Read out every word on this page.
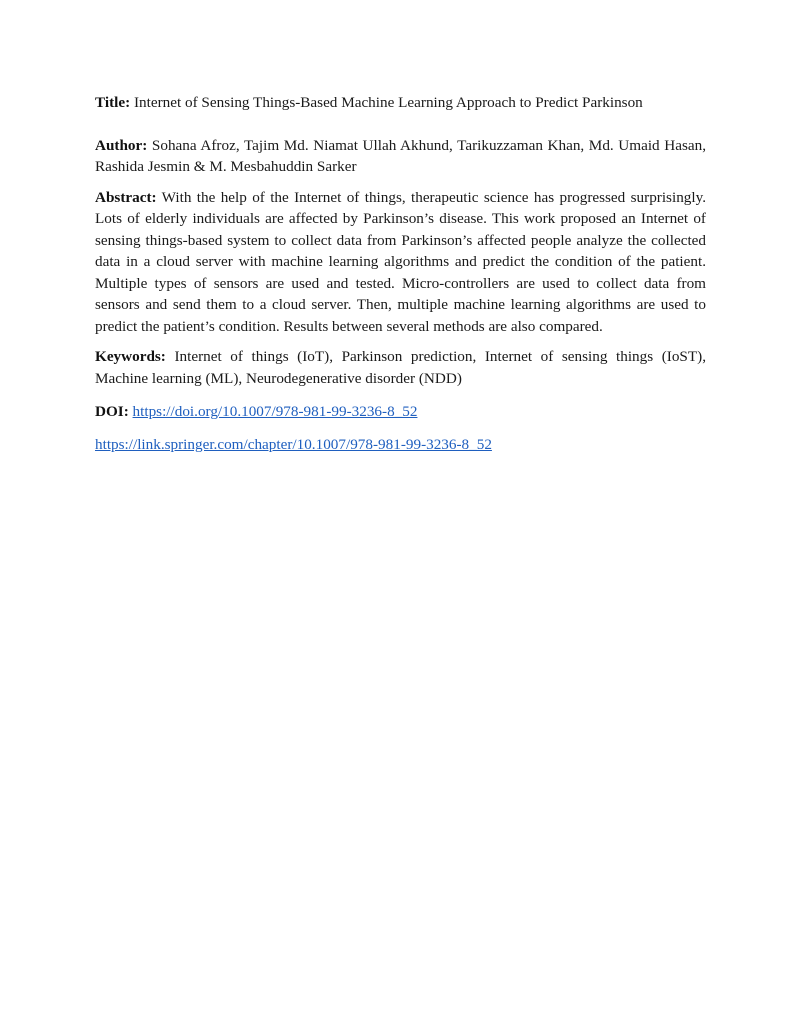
Title: Internet of Sensing Things-Based Machine Learning Approach to Predict Parkinson

Author: Sohana Afroz, Tajim Md. Niamat Ullah Akhund, Tarikuzzaman Khan, Md. Umaid Hasan, Rashida Jesmin & M. Mesbahuddin Sarker

Abstract: With the help of the Internet of things, therapeutic science has progressed surprisingly. Lots of elderly individuals are affected by Parkinson’s disease. This work proposed an Internet of sensing things-based system to collect data from Parkinson’s affected people analyze the collected data in a cloud server with machine learning algorithms and predict the condition of the patient. Multiple types of sensors are used and tested. Micro-controllers are used to collect data from sensors and send them to a cloud server. Then, multiple machine learning algorithms are used to predict the patient’s condition. Results between several methods are also compared.

Keywords: Internet of things (IoT), Parkinson prediction, Internet of sensing things (IoST), Machine learning (ML), Neurodegenerative disorder (NDD)

DOI: https://doi.org/10.1007/978-981-99-3236-8_52

https://link.springer.com/chapter/10.1007/978-981-99-3236-8_52
